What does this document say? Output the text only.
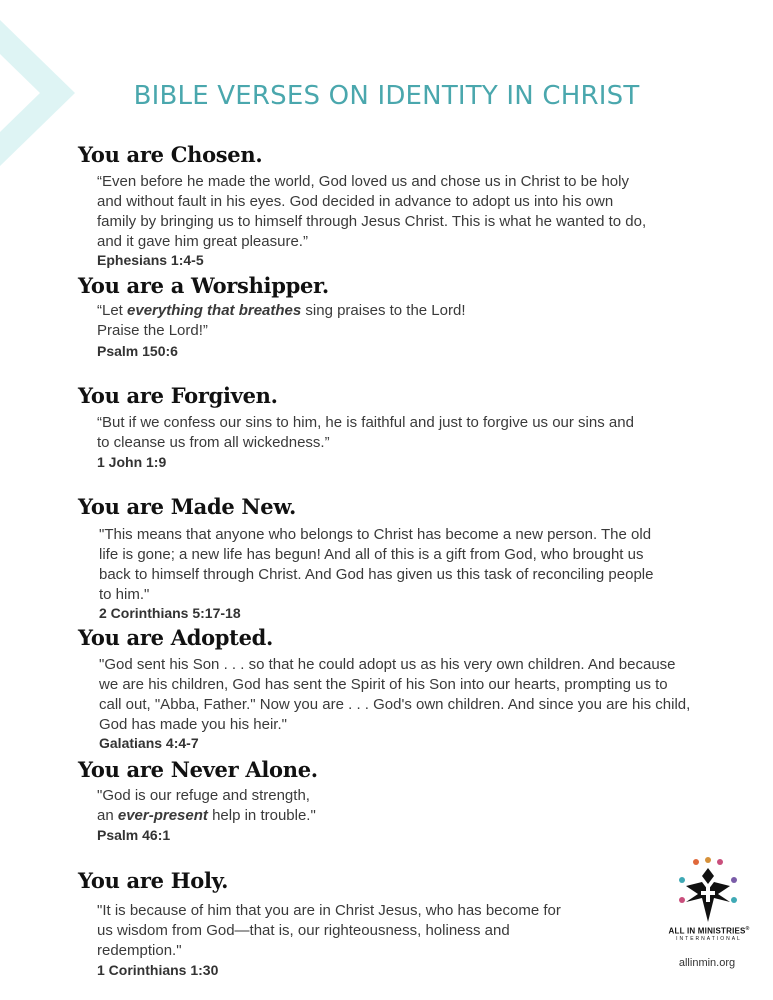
BIBLE VERSES ON IDENTITY IN CHRIST
You are Chosen.
“Even before he made the world, God loved us and chose us in Christ to be holy
and without fault in his eyes. God decided in advance to adopt us into his own
family by bringing us to himself through Jesus Christ. This is what he wanted to do,
and it gave him great pleasure.”
Ephesians 1:4-5
You are a Worshipper.
“Let everything that breathes sing praises to the Lord!
Praise the Lord!”
Psalm 150:6
You are Forgiven.
“But if we confess our sins to him, he is faithful and just to forgive us our sins and
to cleanse us from all wickedness.”
1 John 1:9
You are Made New.
"This means that anyone who belongs to Christ has become a new person. The old
life is gone; a new life has begun! And all of this is a gift from God, who brought us
back to himself through Christ. And God has given us this task of reconciling people
to him."
2 Corinthians 5:17-18
You are Adopted.
"God sent his Son . . . so that he could adopt us as his very own children. And because
we are his children, God has sent the Spirit of his Son into our hearts, prompting us to
call out, "Abba, Father." Now you are . . . God's own children. And since you are his child,
God has made you his heir."
Galatians 4:4-7
You are Never Alone.
"God is our refuge and strength,
an ever-present help in trouble."
Psalm 46:1
You are Holy.
"It is because of him that you are in Christ Jesus, who has become for
us wisdom from God—that is, our righteousness, holiness and
redemption."
1 Corinthians 1:30
ALL IN MINISTRIES®
INTERNATIONAL
allinmin.org
